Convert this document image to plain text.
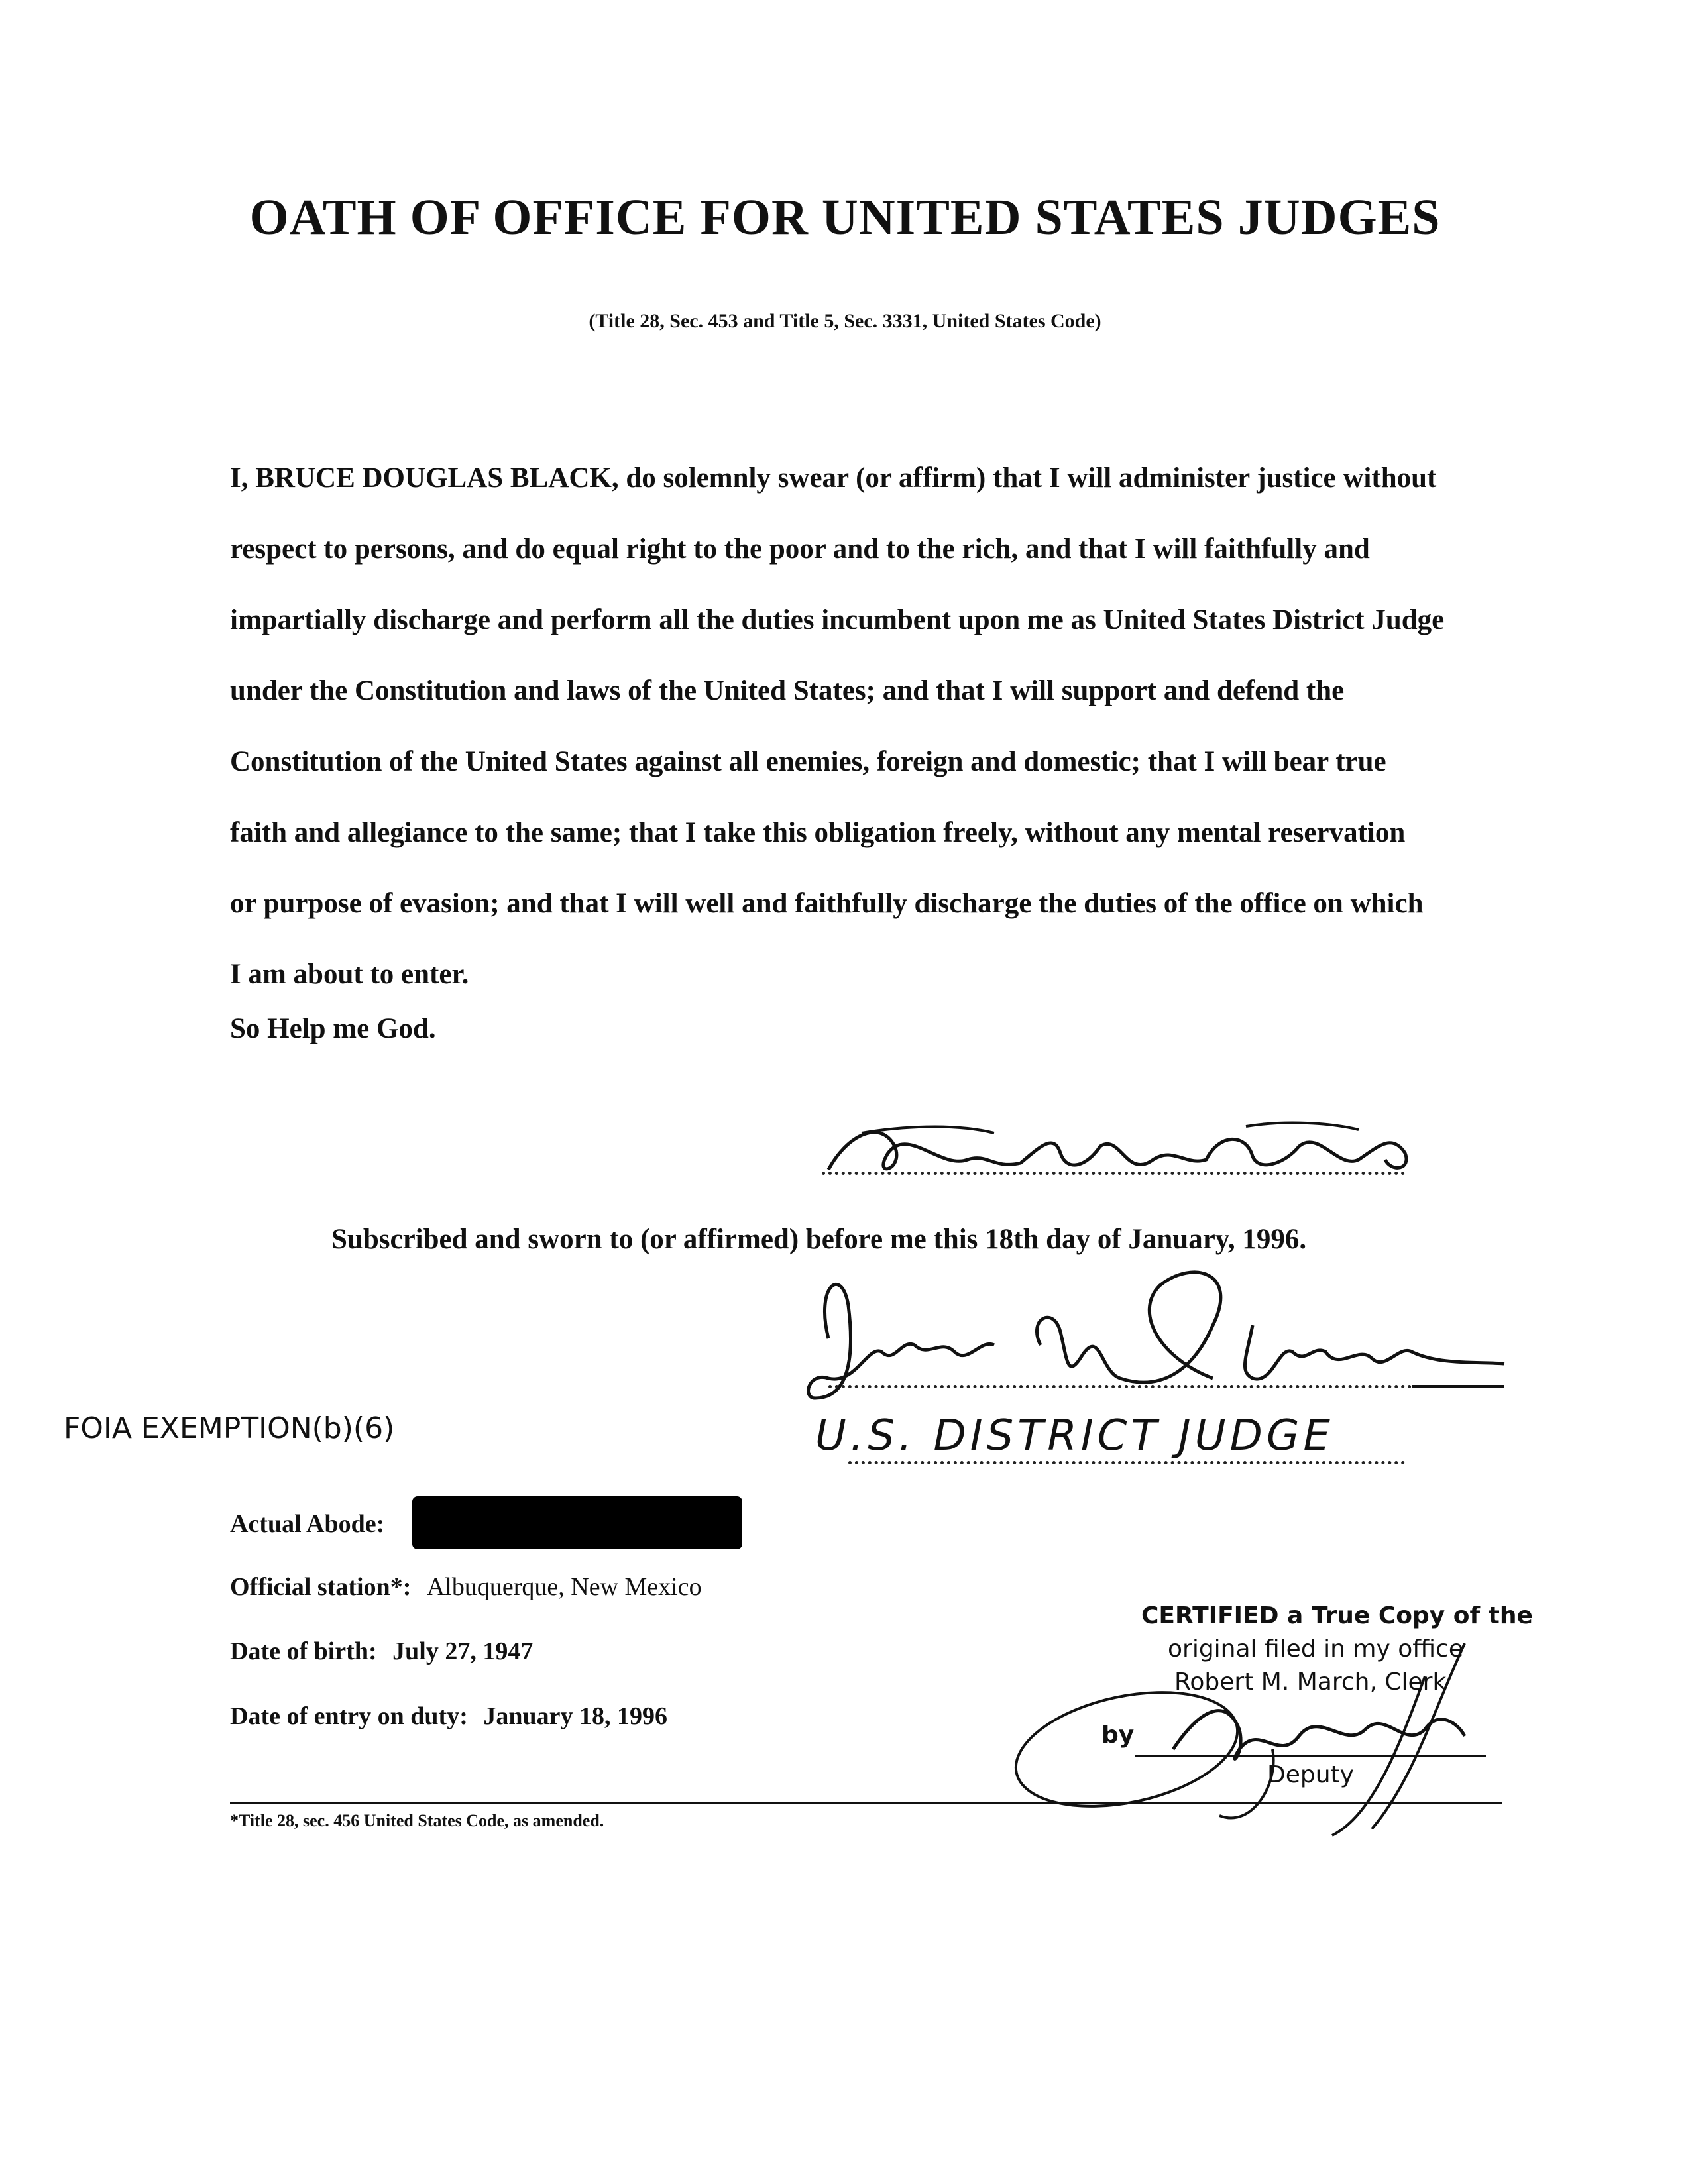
OATH OF OFFICE FOR UNITED STATES JUDGES
(Title 28, Sec. 453 and Title 5, Sec. 3331, United States Code)
I, BRUCE DOUGLAS BLACK, do solemnly swear (or affirm) that I will administer justice without
respect to persons, and do equal right to the poor and to the rich, and that I will faithfully and
impartially discharge and perform all the duties incumbent upon me as United States District Judge
under the Constitution and laws of the United States; and that I will support and defend the
Constitution of the United States against all enemies, foreign and domestic; that I will bear true
faith and allegiance to the same; that I take this obligation freely, without any mental reservation
or purpose of evasion; and that I will well and faithfully discharge the duties of the office on which
I am about to enter.
So Help me God.
Subscribed and sworn to (or affirmed) before me this 18th day of January, 1996.
U.S. DISTRICT JUDGE
FOIA EXEMPTION(b)(6)
Actual Abode:
Official station*: Albuquerque, New Mexico
Date of birth: July 27, 1947
Date of entry on duty: January 18, 1996
CERTIFIED a True Copy of the
original filed in my office
Robert M. March, Clerk
by
Deputy
*Title 28, sec. 456 United States Code, as amended.
